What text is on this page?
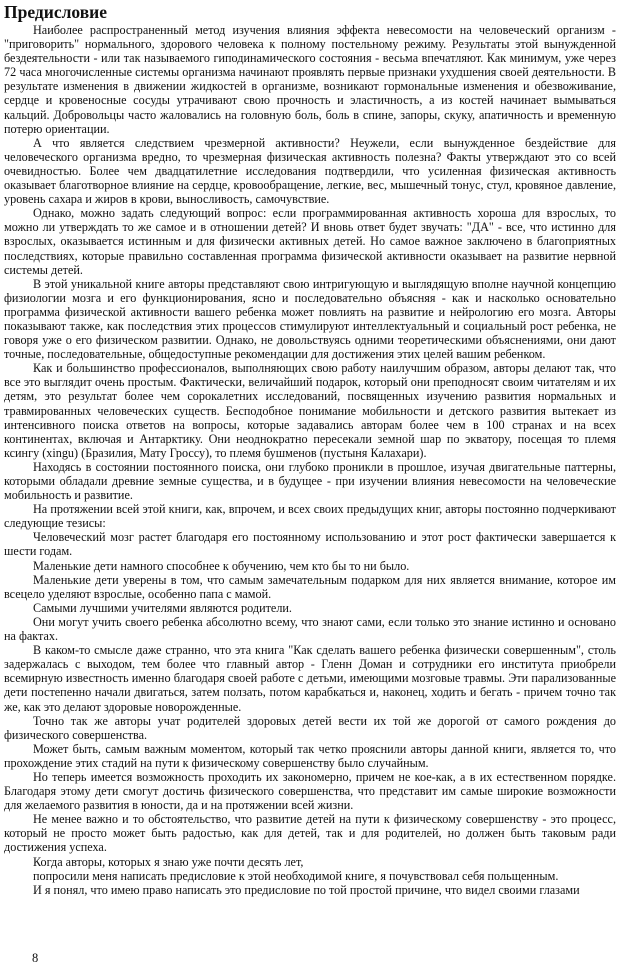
Предисловие

Наиболее распространенный метод изучения влияния эффекта невесомости на человеческий организм - "приговорить" нормального, здорового человека к полному постельному режиму. Результаты этой вынужденной бездеятельности - или так называемого гиподинамического состояния - весьма впечатляют. Как минимум, уже через 72 часа многочисленные системы организма начинают проявлять первые признаки ухудшения своей деятельности. В результате изменения в движении жидкостей в организме, возникают гормональные изменения и обезвоживание, сердце и кровеносные сосуды утрачивают свою прочность и эластичность, а из костей начинает вымываться кальций. Добровольцы часто жаловались на головную боль, боль в спине, запоры, скуку, апатичность и временную потерю ориентации.

А что является следствием чрезмерной активности? Неужели, если вынужденное бездействие для человеческого организма вредно, то чрезмерная физическая активность полезна? Факты утверждают это со всей очевидностью. Более чем двадцатилетние исследования подтвердили, что усиленная физическая активность оказывает благотворное влияние на сердце, кровообращение, легкие, вес, мышечный тонус, стул, кровяное давление, уровень сахара и жиров в крови, выносливость, самочувствие.

Однако, можно задать следующий вопрос: если программированная активность хороша для взрослых, то можно ли утверждать то же самое и в отношении детей? И вновь ответ будет звучать: "ДА" - все, что истинно для взрослых, оказывается истинным и для физически активных детей. Но самое важное заключено в благоприятных последствиях, которые правильно составленная программа физической активности оказывает на развитие нервной системы детей.

В этой уникальной книге авторы представляют свою интригующую и выглядящую вполне научной концепцию физиологии мозга и его функционирования, ясно и последовательно объясняя - как и насколько основательно программа физической активности вашего ребенка может повлиять на развитие и нейрологию его мозга. Авторы показывают также, как последствия этих процессов стимулируют интеллектуальный и социальный рост ребенка, не говоря уже о его физическом развитии. Однако, не довольствуясь одними теоретическими объяснениями, они дают точные, последовательные, общедоступные рекомендации для достижения этих целей вашим ребенком.

Как и большинство профессионалов, выполняющих свою работу наилучшим образом, авторы делают так, что все это выглядит очень простым. Фактически, величайший подарок, который они преподносят своим читателям и их детям, это результат более чем сорокалетних исследований, посвященных изучению развития нормальных и травмированных человеческих существ. Бесподобное понимание мобильности и детского развития вытекает из интенсивного поиска ответов на вопросы, которые задавались авторам более чем в 100 странах и на всех континентах, включая и Антарктику. Они неоднократно пересекали земной шар по экватору, посещая то племя ксингу (xingu) (Бразилия, Мату Гроссу), то племя бушменов (пустыня Калахари).

Находясь в состоянии постоянного поиска, они глубоко проникли в прошлое, изучая двигательные паттерны, которыми обладали древние земные существа, и в будущее - при изучении влияния невесомости на человеческие мобильность и развитие.

На протяжении всей этой книги, как, впрочем, и всех своих предыдущих книг, авторы постоянно подчеркивают следующие тезисы:

Человеческий мозг растет благодаря его постоянному использованию и этот рост фактически завершается к шести годам.

Маленькие дети намного способнее к обучению, чем кто бы то ни было.

Маленькие дети уверены в том, что самым замечательным подарком для них является внимание, которое им всецело уделяют взрослые, особенно папа с мамой.

Самыми лучшими учителями являются родители.

Они могут учить своего ребенка абсолютно всему, что знают сами, если только это знание истинно и основано на фактах.

В каком-то смысле даже странно, что эта книга "Как сделать вашего ребенка физически совершенным", столь задержалась с выходом, тем более что главный автор - Гленн Доман и сотрудники его института приобрели всемирную известность именно благодаря своей работе с детьми, имеющими мозговые травмы. Эти парализованные дети постепенно начали двигаться, затем ползать, потом карабкаться и, наконец, ходить и бегать - причем точно так же, как это делают здоровые новорожденные.

Точно так же авторы учат родителей здоровых детей вести их той же дорогой от самого рождения до физического совершенства.

Может быть, самым важным моментом, который так четко прояснили авторы данной книги, является то, что прохождение этих стадий на пути к физическому совершенству было случайным.

Но теперь имеется возможность проходить их закономерно, причем не кое-как, а в их естественном порядке. Благодаря этому дети смогут достичь физического совершенства, что представит им самые широкие возможности для желаемого развития в юности, да и на протяжении всей жизни.

Не менее важно и то обстоятельство, что развитие детей на пути к физическому совершенству - это процесс, который не просто может быть радостью, как для детей, так и для родителей, но должен быть таковым ради достижения успеха.

Когда авторы, которых я знаю уже почти десять лет,

попросили меня написать предисловие к этой необходимой книге, я почувствовал себя польщенным.

И я понял, что имею право написать это предисловие по той простой причине, что видел своими глазами

8
